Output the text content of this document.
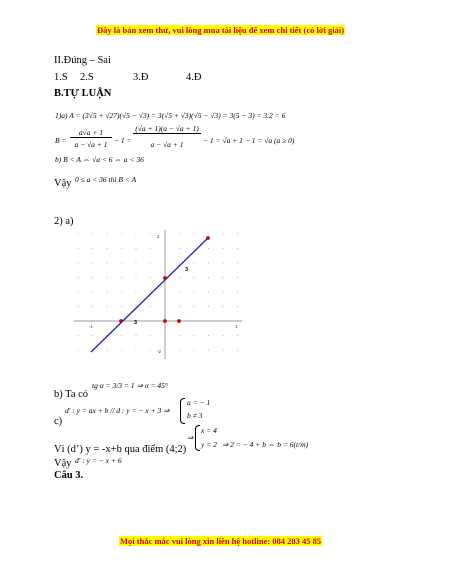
Đây là bản xem thử, vui lòng mua tài liệu để xem chi tiết (có lời giải)
II.Đúng – Sai
1.S 2.S	3.Đ	4.Đ
B.TỰ LUẬN
1)a) A = (3√5 + √27)(√5 − √3) = 3(√5 + √3)(√5 − √3) = 3(5 − 3) = 3.2 = 6
B =
a√a + 1
a − √a + 1 − 1 =
(√a + 1)(a − √a + 1)
a − √a + 1	− 1 = √a + 1 − 1 = √a (a ≥ 0)
b) B < A ⇔ √a < 6 ⇔ a < 36
Vậy 0 ≤ a < 36 thì B < A
2) a)
3
3
-1	1
-2
2
b) Ta có
tg α = 3/3 = 1 ⇒ α = 45°
c)
d' : y = ax + b // d : y = − x + 3 ⇒
a = − 1
b ≠ 3
⇒
x = 4
y = 2 ⇒ 2 = − 4 + b ⇔ b = 6(t/m)
Vì (d’) y = -x+b qua điểm (4;2)
Vậy d' : y = − x + 6
Câu 3.
Mọi thắc mắc vui lòng xin liên hệ hotline: 084 283 45 85
